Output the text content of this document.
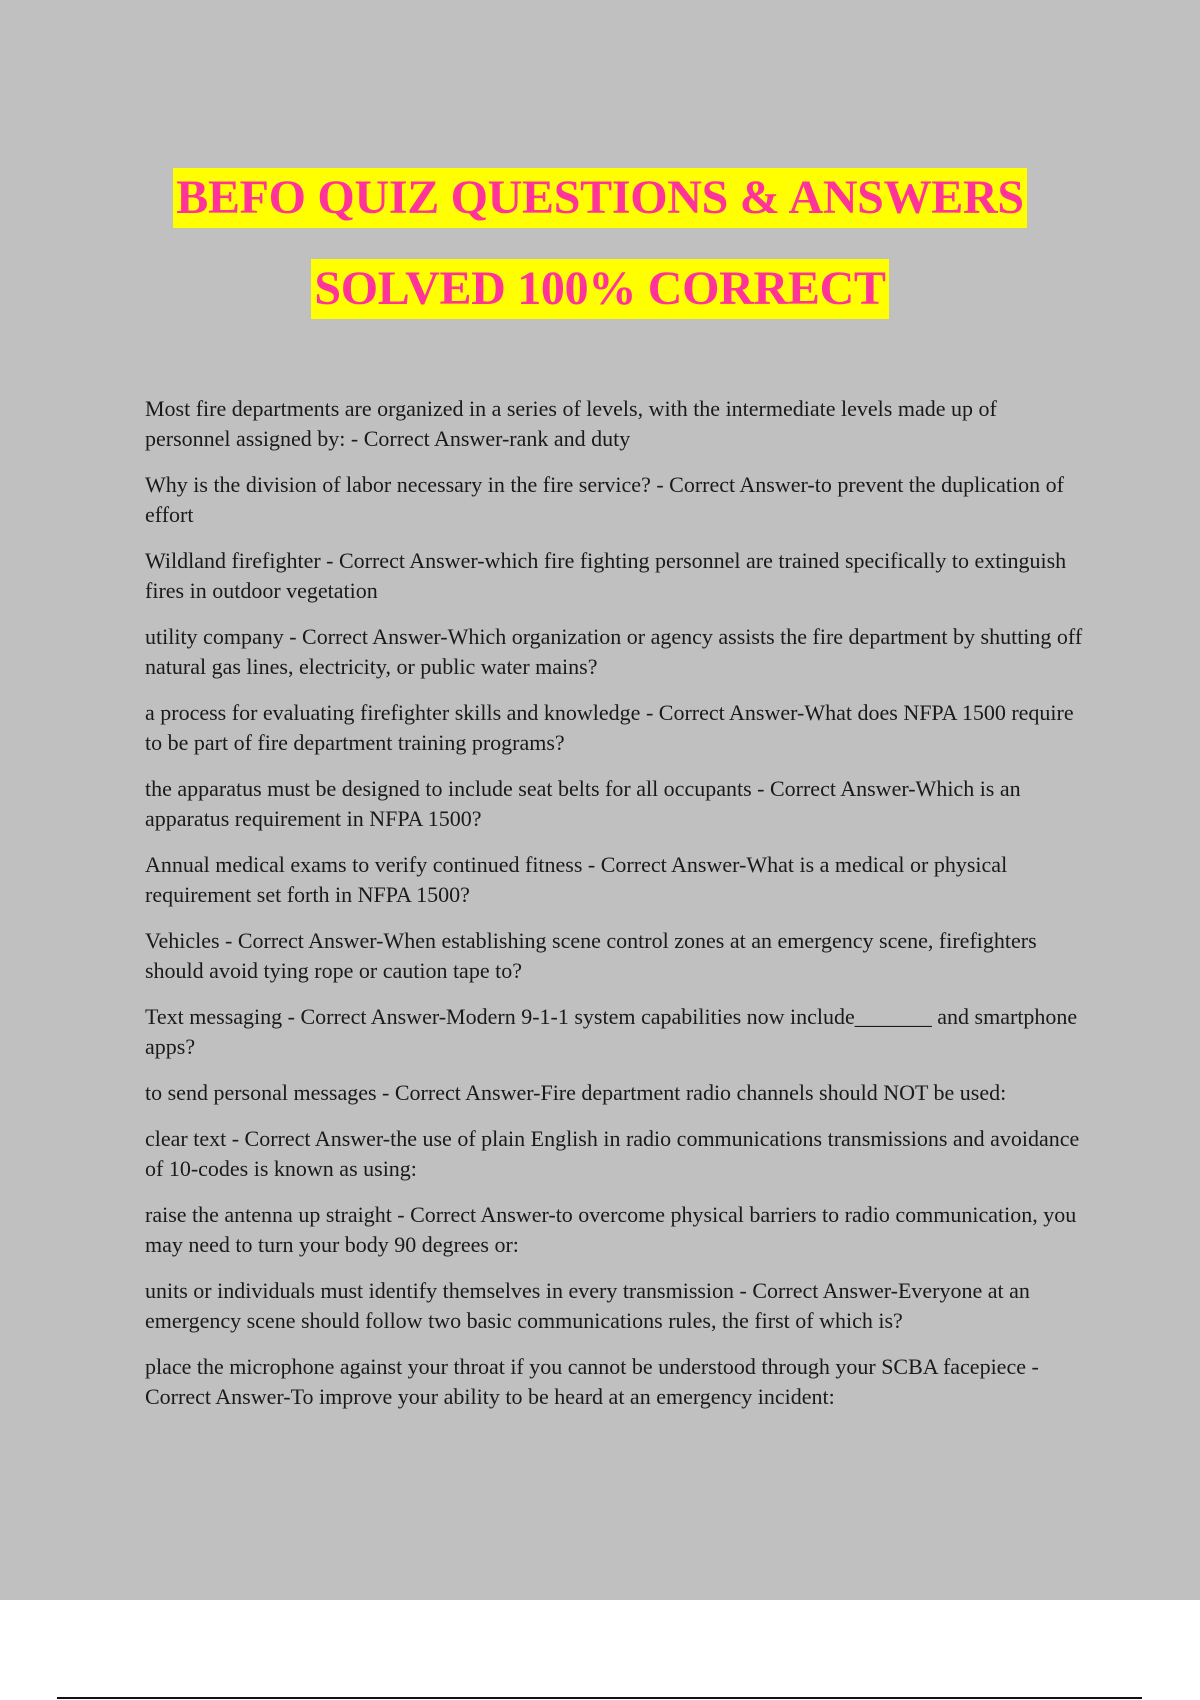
BEFO QUIZ QUESTIONS & ANSWERS
SOLVED 100% CORRECT
Most fire departments are organized in a series of levels, with the intermediate levels made up of personnel assigned by: - Correct Answer-rank and duty
Why is the division of labor necessary in the fire service? - Correct Answer-to prevent the duplication of effort
Wildland firefighter - Correct Answer-which fire fighting personnel are trained specifically to extinguish fires in outdoor vegetation
utility company - Correct Answer-Which organization or agency assists the fire department by shutting off natural gas lines, electricity, or public water mains?
a process for evaluating firefighter skills and knowledge - Correct Answer-What does NFPA 1500 require to be part of fire department training programs?
the apparatus must be designed to include seat belts for all occupants - Correct Answer-Which is an apparatus requirement in NFPA 1500?
Annual medical exams to verify continued fitness - Correct Answer-What is a medical or physical requirement set forth in NFPA 1500?
Vehicles - Correct Answer-When establishing scene control zones at an emergency scene, firefighters should avoid tying rope or caution tape to?
Text messaging - Correct Answer-Modern 9-1-1 system capabilities now include_______ and smartphone apps?
to send personal messages - Correct Answer-Fire department radio channels should NOT be used:
clear text - Correct Answer-the use of plain English in radio communications transmissions and avoidance of 10-codes is known as using:
raise the antenna up straight - Correct Answer-to overcome physical barriers to radio communication, you may need to turn your body 90 degrees or:
units or individuals must identify themselves in every transmission - Correct Answer-Everyone at an emergency scene should follow two basic communications rules, the first of which is?
place the microphone against your throat if you cannot be understood through your SCBA facepiece - Correct Answer-To improve your ability to be heard at an emergency incident:
